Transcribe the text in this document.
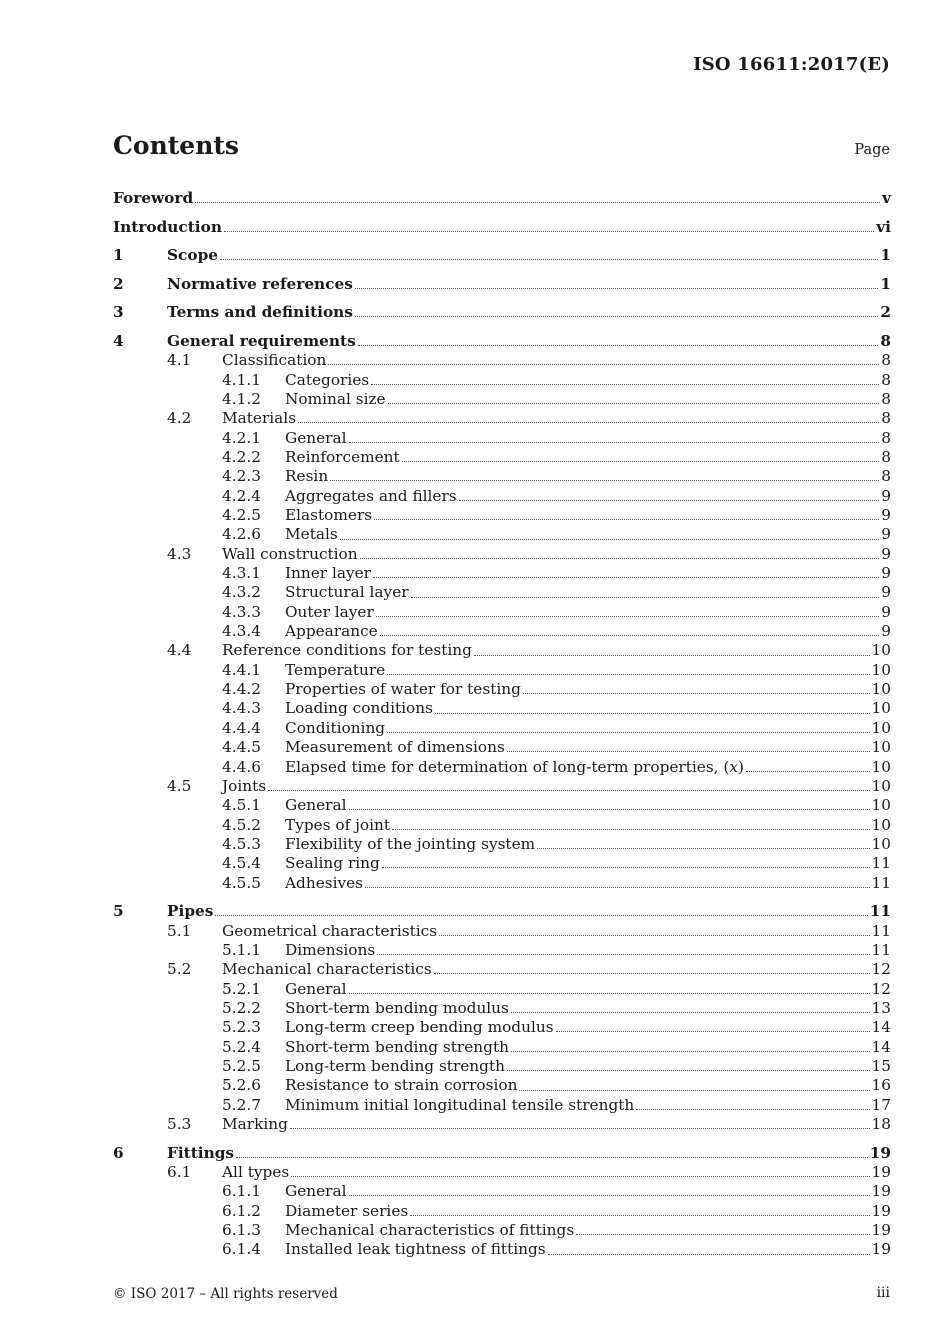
ISO 16611:2017(E)
Contents	Page
Foreword	v
Introduction	vi
1	Scope	1
2	Normative references	1
3	Terms and definitions	2
4	General requirements	8
4.1	Classification	8
4.1.1	Categories	8
4.1.2	Nominal size	8
4.2	Materials	8
4.2.1	General	8
4.2.2	Reinforcement	8
4.2.3	Resin	8
4.2.4	Aggregates and fillers	9
4.2.5	Elastomers	9
4.2.6	Metals	9
4.3	Wall construction	9
4.3.1	Inner layer	9
4.3.2	Structural layer	9
4.3.3	Outer layer	9
4.3.4	Appearance	9
4.4	Reference conditions for testing	10
4.4.1	Temperature	10
4.4.2	Properties of water for testing	10
4.4.3	Loading conditions	10
4.4.4	Conditioning	10
4.4.5	Measurement of dimensions	10
4.4.6	Elapsed time for determination of long-term properties, (x)	10
4.5	Joints	10
4.5.1	General	10
4.5.2	Types of joint	10
4.5.3	Flexibility of the jointing system	10
4.5.4	Sealing ring	11
4.5.5	Adhesives	11
5	Pipes	11
5.1	Geometrical characteristics	11
5.1.1	Dimensions	11
5.2	Mechanical characteristics	12
5.2.1	General	12
5.2.2	Short-term bending modulus	13
5.2.3	Long-term creep bending modulus	14
5.2.4	Short-term bending strength	14
5.2.5	Long-term bending strength	15
5.2.6	Resistance to strain corrosion	16
5.2.7	Minimum initial longitudinal tensile strength	17
5.3	Marking	18
6	Fittings	19
6.1	All types	19
6.1.1	General	19
6.1.2	Diameter series	19
6.1.3	Mechanical characteristics of fittings	19
6.1.4	Installed leak tightness of fittings	19
© ISO 2017 – All rights reserved	iii
